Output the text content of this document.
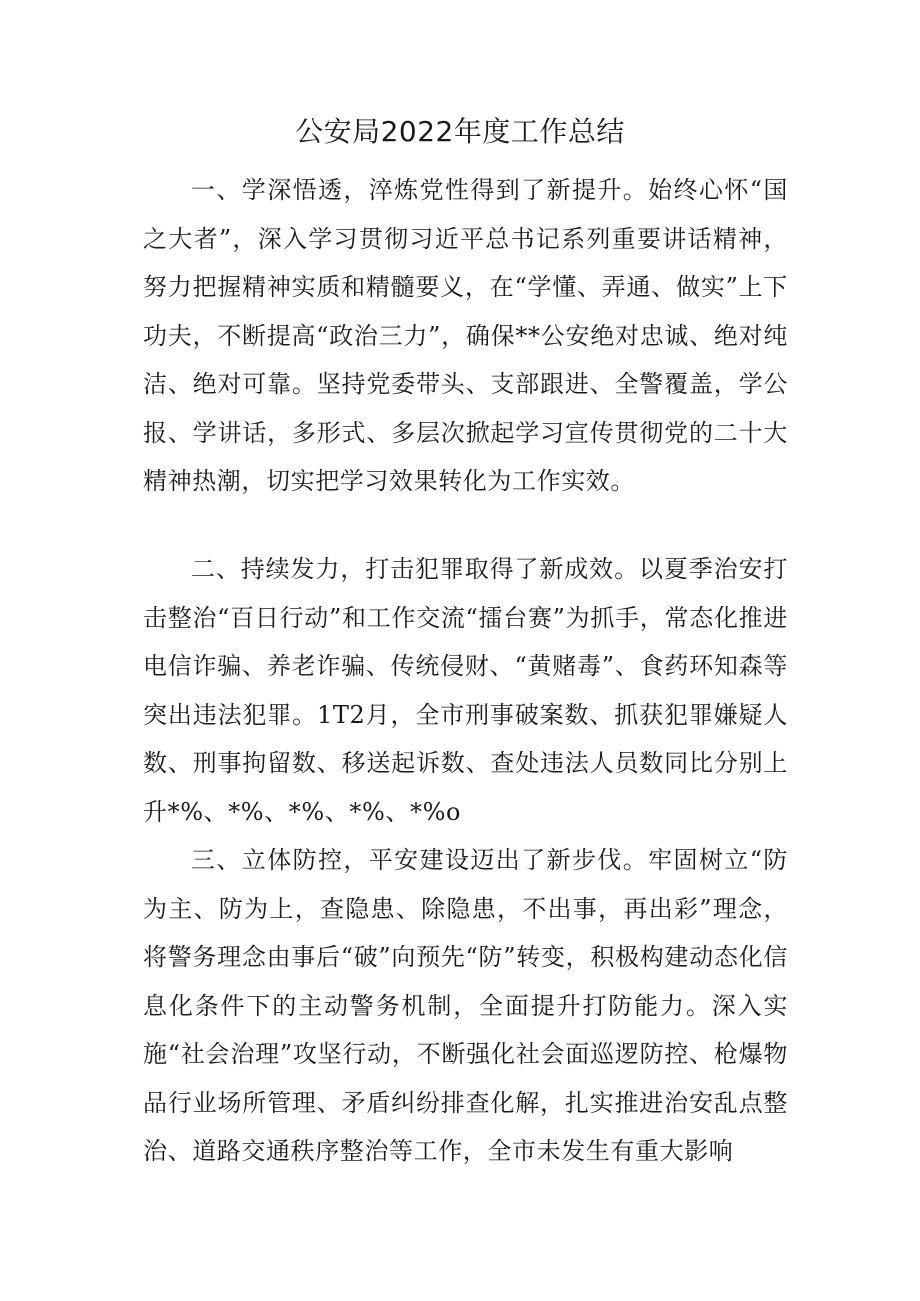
公安局2022年度工作总结

一、学深悟透，淬炼党性得到了新提升。始终心怀“国之大者”，深入学习贯彻习近平总书记系列重要讲话精神，努力把握精神实质和精髓要义，在“学懂、弄通、做实”上下功夫，不断提高“政治三力”，确保**公安绝对忠诚、绝对纯洁、绝对可靠。坚持党委带头、支部跟进、全警覆盖，学公报、学讲话，多形式、多层次掀起学习宣传贯彻党的二十大精神热潮，切实把学习效果转化为工作实效。

二、持续发力，打击犯罪取得了新成效。以夏季治安打击整治“百日行动”和工作交流“擂台赛”为抓手，常态化推进电信诈骗、养老诈骗、传统侵财、“黄赌毒”、食药环知森等突出违法犯罪。1T2月，全市刑事破案数、抓获犯罪嫌疑人数、刑事拘留数、移送起诉数、查处违法人员数同比分别上升*%、*%、*%、*%、*%o

三、立体防控，平安建设迈出了新步伐。牢固树立“防为主、防为上，查隐患、除隐患，不出事，再出彩”理念，将警务理念由事后“破”向预先“防”转变，积极构建动态化信息化条件下的主动警务机制，全面提升打防能力。深入实施“社会治理”攻坚行动，不断强化社会面巡逻防控、枪爆物品行业场所管理、矛盾纠纷排查化解，扎实推进治安乱点整治、道路交通秩序整治等工作，全市未发生有重大影响
